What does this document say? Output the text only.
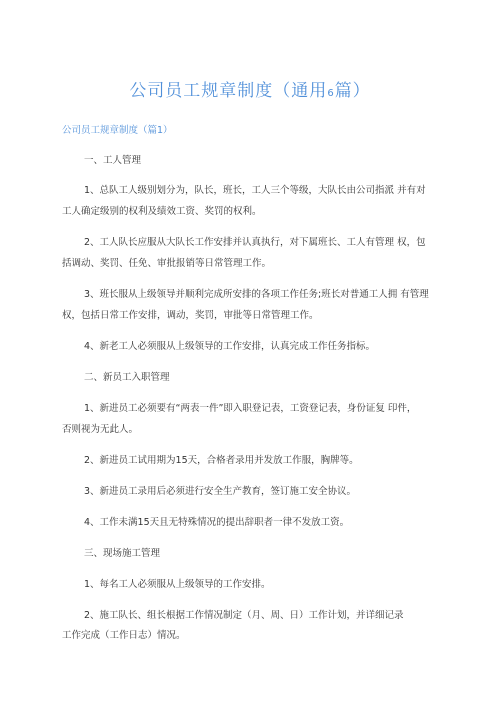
公司员工规章制度（通用6篇）
公司员工规章制度（篇1）
一、工人管理
1、总队工人级别划分为，队长，班长，工人三个等级，大队长由公司指派 并有对
工人确定级别的权利及绩效工资、奖罚的权利。
2、工人队长应服从大队长工作安排并认真执行，对下属班长、工人有管理 权，包
括调动、奖罚、任免、审批报销等日常管理工作。
3、班长服从上级领导并顺利完成所安排的各项工作任务;班长对普通工人拥 有管理
权，包括日常工作安排，调动，奖罚，审批等日常管理工作。
4、新老工人必须服从上级领导的工作安排，认真完成工作任务指标。
二、新员工入职管理
1、新进员工必须要有“两表一件”即入职登记表，工资登记表，身份证复 印件，
否则视为无此人。
2、新进员工试用期为15天，合格者录用并发放工作服，胸牌等。
3、新进员工录用后必须进行安全生产教育，签订施工安全协议。
4、工作未满15天且无特殊情况的提出辞职者一律不发放工资。
三、现场施工管理
1、每名工人必须服从上级领导的工作安排。
2、施工队长、组长根据工作情况制定（月、周、日）工作计划，并详细记录
工作完成（工作日志）情况。
